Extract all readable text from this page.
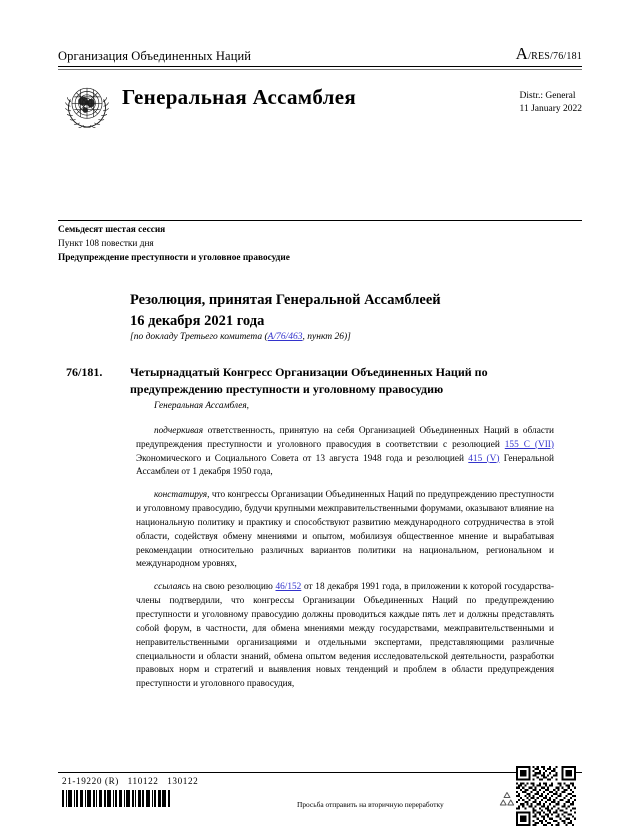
Организация Объединенных Наций	A/RES/76/181
Генеральная Ассамблея	Distr.: General
11 January 2022
Семьдесят шестая сессия
Пункт 108 повестки дня
Предупреждение преступности и уголовное правосудие
Резолюция, принятая Генеральной Ассамблеей
16 декабря 2021 года
[по докладу Третьего комитета (A/76/463, пункт 26)]
76/181.	Четырнадцатый Конгресс Организации Объединенных Наций по предупреждению преступности и уголовному правосудию

Генеральная Ассамблея,

подчеркивая ответственность, принятую на себя Организацией Объединенных Наций в области предупреждения преступности и уголовного правосудия в соответствии с резолюцией 155 C (VII) Экономического и Социального Совета от 13 августа 1948 года и резолюцией 415 (V) Генеральной Ассамблеи от 1 декабря 1950 года,

констатируя, что конгрессы Организации Объединенных Наций по предупреждению преступности и уголовному правосудию, будучи крупными межправительственными форумами, оказывают влияние на национальную политику и практику и способствуют развитию международного сотрудничества в этой области, содействуя обмену мнениями и опытом, мобилизуя общественное мнение и вырабатывая рекомендации относительно различных вариантов политики на национальном, региональном и международном уровнях,

ссылаясь на свою резолюцию 46/152 от 18 декабря 1991 года, в приложении к которой государства-члены подтвердили, что конгрессы Организации Объединенных Наций по предупреждению преступности и уголовному правосудию должны проводиться каждые пять лет и должны представлять собой форум, в частности, для обмена мнениями между государствами, межправительственными и неправительственными организациями и отдельными экспертами, представляющими различные специальности и области знаний, обмена опытом ведения исследовательской деятельности, разработки правовых норм и стратегий и выявления новых тенденций и проблем в области предупреждения преступности и уголовного правосудия,

21-19220 (R) 110122 130122
Просьба отправить на вторичную переработку
